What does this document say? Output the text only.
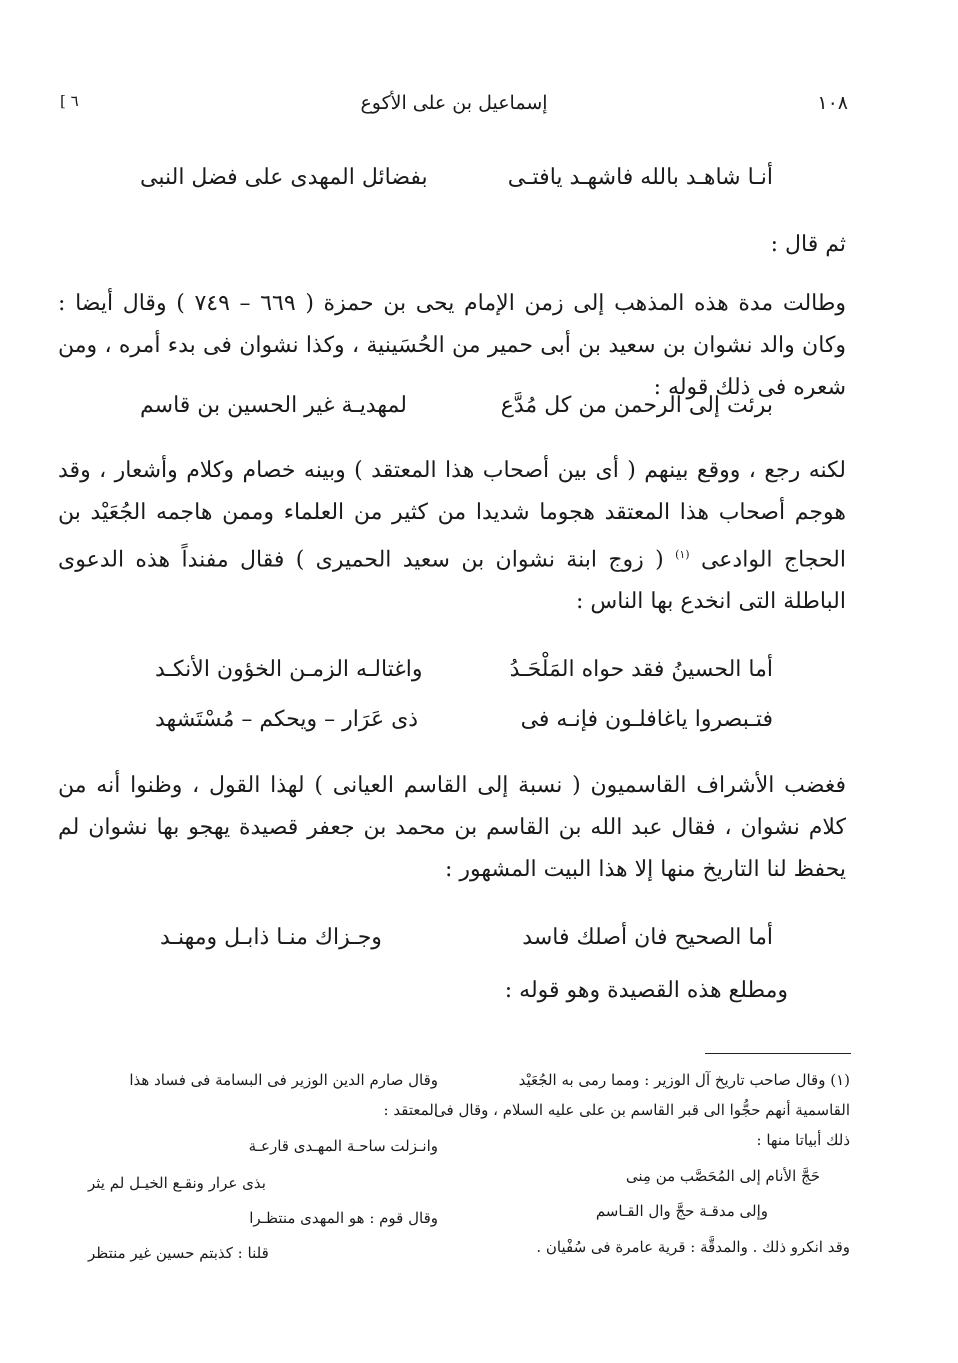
١٠٨
إسماعيل بن على الأكوع
٦ ]
أنـا شاهـد بالله فاشهـد يافتـى
بفضائل المهدى على فضل النبى
ثم قال :
وطالت مدة هذه المذهب إلى زمن الإمام يحى بن حمزة ( ٦٦٩ – ٧٤٩ ) وقال أيضا : وكان والد نشوان بن سعيد بن أبى حمير من الحُسَينية ، وكذا نشوان فى بدء أمره ، ومن شعره فى ذلك قوله :
برئت إلى الرحمن من كل مُدَّع
لمهديـة غير الحسين بن قاسم
لكنه رجع ، ووقع بينهم ( أى بين أصحاب هذا المعتقد ) وبينه خصام وكلام وأشعار ، وقد هوجم أصحاب هذا المعتقد هجوما شديدا من كثير من العلماء وممن هاجمه الجُعَيْد بن الحجاج الوادعى $^{(١)}$ ( زوج ابنة نشوان بن سعيد الحميرى ) فقال مفنداً هذه الدعوى الباطلة التى انخدع بها الناس :
أما الحسينُ فقد حواه المَلْحَـدُ
واغتالـه الزمـن الخؤون الأنكـد
فتـبصروا ياغافلـون فإنـه فى
ذى عَرَار – ويحكم – مُسْتَشهد
فغضب الأشراف القاسميون ( نسبة إلى القاسم العيانى ) لهذا القول ، وظنوا أنه من كلام نشوان ، فقال عبد الله بن القاسم بن محمد بن جعفر قصيدة يهجو بها نشوان لم يحفظ لنا التاريخ منها إلا هذا البيت المشهور :
أما الصحيح فان أصلك فاسد
وجـزاك منـا ذابـل ومهنـد
ومطلع هذه القصيدة وهو قوله :
(١) وقال صاحب تاريخ آل الوزير : ومما رمى به الجُعَيْد
القاسمية أنهم حجُّوا الى قبر القاسم بن على عليه السلام ، وقال فى
ذلك أبياتا منها :
حَجَّ الأنام إلى المُحَصَّب من مِنى
وإلى مدقـة حجَّ وال القـاسم
وقد انكرو ذلك . والمدقَّة : قرية عامرة فى سُفْيان .
وقال صارم الدين الوزير فى البسامة فى فساد هذا
المعتقد :
وانـزلت ساحـة المهـدى قارعـة
بذى عرار ونقـع الخيـل لم يثر
وقال قوم : هو المهدى منتظـرا
قلنا : كذبتم حسين غير منتظر
